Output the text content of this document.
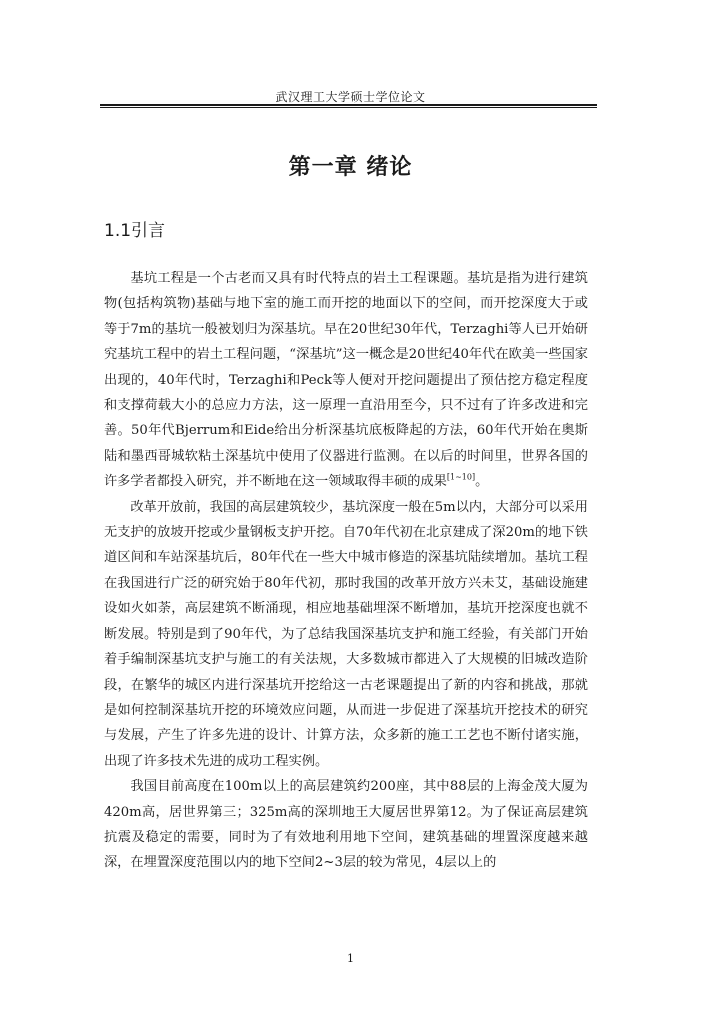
武汉理工大学硕士学位论文
第一章 绪论
1.1引言

基坑工程是一个古老而又具有时代特点的岩土工程课题。基坑是指为进行建筑物(包括构筑物)基础与地下室的施工而开挖的地面以下的空间，而开挖深度大于或等于7m的基坑一般被划归为深基坑。早在20世纪30年代，Terzaghi等人已开始研究基坑工程中的岩土工程问题，“深基坑”这一概念是20世纪40年代在欧美一些国家出现的，40年代时，Terzaghi和Peck等人便对开挖问题提出了预估挖方稳定程度和支撑荷载大小的总应力方法，这一原理一直沿用至今，只不过有了许多改进和完善。50年代Bjerrum和Eide给出分析深基坑底板降起的方法，60年代开始在奥斯陆和墨西哥城软粘土深基坑中使用了仪器进行监测。在以后的时间里，世界各国的许多学者都投入研究，并不断地在这一领域取得丰硕的成果[1~10]。

改革开放前，我国的高层建筑较少，基坑深度一般在5m以内，大部分可以采用无支护的放坡开挖或少量钢板支护开挖。自70年代初在北京建成了深20m的地下铁道区间和车站深基坑后，80年代在一些大中城市修造的深基坑陆续增加。基坑工程在我国进行广泛的研究始于80年代初，那时我国的改革开放方兴未艾，基础设施建设如火如荼，高层建筑不断涌现，相应地基础埋深不断增加，基坑开挖深度也就不断发展。特别是到了90年代，为了总结我国深基坑支护和施工经验，有关部门开始着手编制深基坑支护与施工的有关法规，大多数城市都进入了大规模的旧城改造阶段，在繁华的城区内进行深基坑开挖给这一古老课题提出了新的内容和挑战，那就是如何控制深基坑开挖的环境效应问题，从而进一步促进了深基坑开挖技术的研究与发展，产生了许多先进的设计、计算方法，众多新的施工工艺也不断付诸实施，出现了许多技术先进的成功工程实例。

我国目前高度在100m以上的高层建筑约200座，其中88层的上海金茂大厦为420m高，居世界第三；325m高的深圳地王大厦居世界第12。为了保证高层建筑抗震及稳定的需要，同时为了有效地利用地下空间，建筑基础的埋置深度越来越深，在埋置深度范围以内的地下空间2~3层的较为常见，4层以上的

1
